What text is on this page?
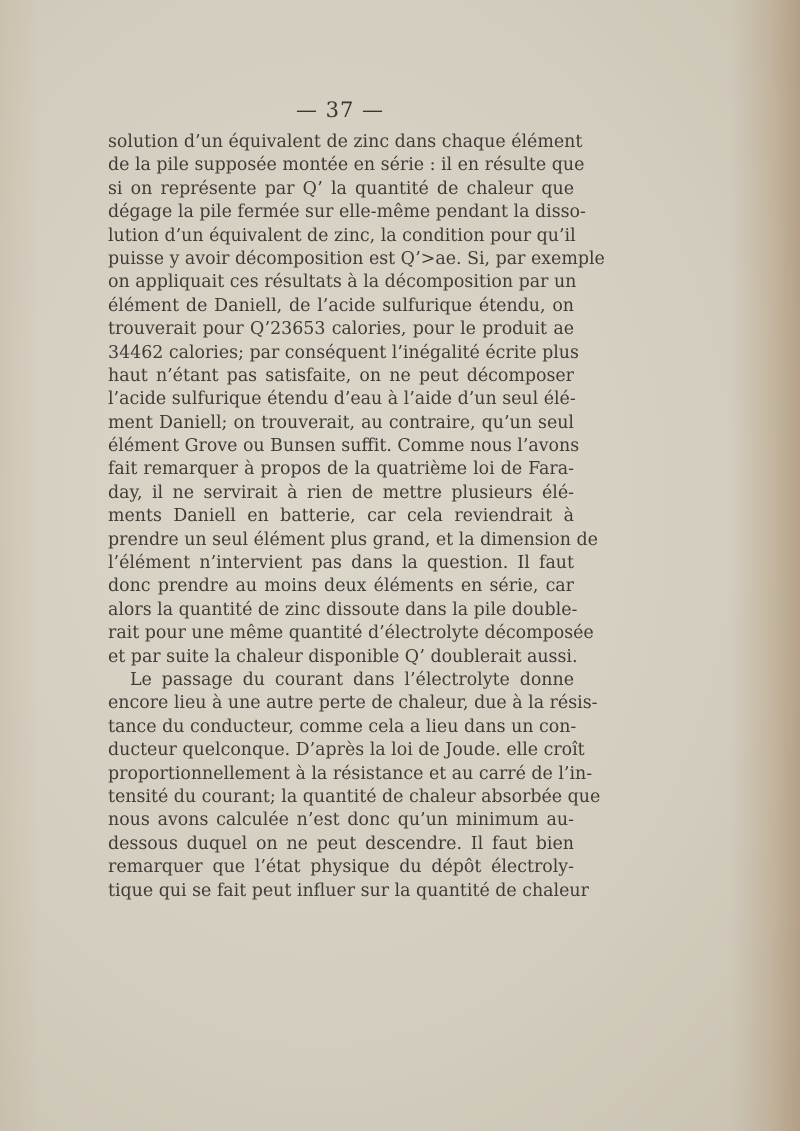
— 37 —
solution d’un équivalent de zinc dans chaque élément
de la pile supposée montée en série : il en résulte que
si on représente par Q’ la quantité de chaleur que
dégage la pile fermée sur elle-même pendant la disso-
lution d’un équivalent de zinc, la condition pour qu’il
puisse y avoir décomposition est Q’>ae. Si, par exemple
on appliquait ces résultats à la décomposition par un
élément de Daniell, de l’acide sulfurique étendu, on
trouverait pour Q’23653 calories, pour le produit ae
34462 calories; par conséquent l’inégalité écrite plus
haut n’étant pas satisfaite, on ne peut décomposer
l’acide sulfurique étendu d’eau à l’aide d’un seul élé-
ment Daniell; on trouverait, au contraire, qu’un seul
élément Grove ou Bunsen suffit. Comme nous l’avons
fait remarquer à propos de la quatrième loi de Fara-
day, il ne servirait à rien de mettre plusieurs élé-
ments Daniell en batterie, car cela reviendrait à
prendre un seul élément plus grand, et la dimension de
l’élément n’intervient pas dans la question. Il faut
donc prendre au moins deux éléments en série, car
alors la quantité de zinc dissoute dans la pile double-
rait pour une même quantité d’électrolyte décomposée
et par suite la chaleur disponible Q’ doublerait aussi.
Le passage du courant dans l’électrolyte donne
encore lieu à une autre perte de chaleur, due à la résis-
tance du conducteur, comme cela a lieu dans un con-
ducteur quelconque. D’après la loi de Joude. elle croît
proportionnellement à la résistance et au carré de l’in-
tensité du courant; la quantité de chaleur absorbée que
nous avons calculée n’est donc qu’un minimum au-
dessous duquel on ne peut descendre. Il faut bien
remarquer que l’état physique du dépôt électroly-
tique qui se fait peut influer sur la quantité de chaleur
